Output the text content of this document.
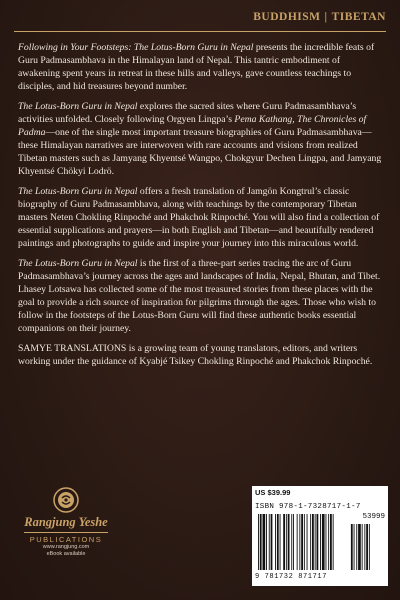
BUDDHISM | TIBETAN

Following in Your Footsteps: The Lotus-Born Guru in Nepal presents the incredible feats of Guru Padmasambhava in the Himalayan land of Nepal. This tantric embodiment of awakening spent years in retreat in these hills and valleys, gave countless teachings to disciples, and hid treasures beyond number.

The Lotus-Born Guru in Nepal explores the sacred sites where Guru Padmasambhava’s activities unfolded. Closely following Orgyen Lingpa’s Pema Kathang, The Chronicles of Padma—one of the single most important treasure biographies of Guru Padmasambhava—these Himalayan narratives are interwoven with rare accounts and visions from realized Tibetan masters such as Jamyang Khyentsé Wangpo, Chokgyur Dechen Lingpa, and Jamyang Khyentsé Chökyi Lodrö.

The Lotus-Born Guru in Nepal offers a fresh translation of Jamgön Kongtrul’s classic biography of Guru Padmasambhava, along with teachings by the contemporary Tibetan masters Neten Chokling Rinpoché and Phakchok Rinpoché. You will also find a collection of essential supplications and prayers—in both English and Tibetan—and beautifully rendered paintings and photographs to guide and inspire your journey into this miraculous world.

The Lotus-Born Guru in Nepal is the first of a three-part series tracing the arc of Guru Padmasambhava’s journey across the ages and landscapes of India, Nepal, Bhutan, and Tibet. Lhasey Lotsawa has collected some of the most treasured stories from these places with the goal to provide a rich source of inspiration for pilgrims through the ages. Those who wish to follow in the footsteps of the Lotus-Born Guru will find these authentic books essential companions on their journey.

SAMYE TRANSLATIONS is a growing team of young translators, editors, and writers working under the guidance of Kyabjé Tsikey Chokling Rinpoché and Phakchok Rinpoché.

Rangjung Yeshe
PUBLICATIONS
www.rangjung.com
eBook available
US $39.99
ISBN 978-1-7328717-1-7
53999
9 781732 871717
